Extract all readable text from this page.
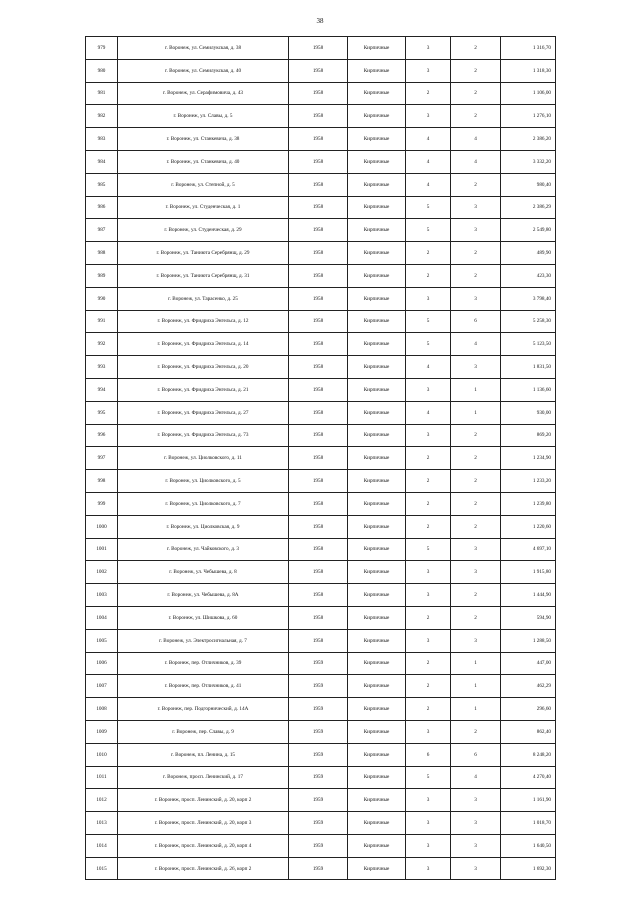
38
979	г. Воронеж, ул. Семилукская, д. 38	1958	Кирпичные	3	2	1 316,70
980	г. Воронеж, ул. Семилукская, д. 40	1958	Кирпичные	3	2	1 318,30
981	г. Воронеж, ул. Серафимовича, д. 43	1958	Кирпичные	2	2	1 106,00
982	г. Воронеж, ул. Славы, д. 5	1958	Кирпичные	3	2	1 276,10
983	г. Воронеж, ул. Станкевича, д. 38	1958	Кирпичные	4	4	2 386,20
984	г. Воронеж, ул. Станкевича, д. 40	1958	Кирпичные	4	4	3 332,20
985	г. Воронеж, ул. Степной, д. 5	1958	Кирпичные	4	2	980,40
986	г. Воронеж, ул. Студенческая, д. 1	1958	Кирпичные	5	3	2 386,29
987	г. Воронеж, ул. Студенческая, д. 29	1958	Кирпичные	5	3	2 549,80
988	г. Воронеж, ул. Таниюта Серебрянщ, д. 29	1958	Кирпичные	2	2	489,90
989	г. Воронеж, ул. Таниюта Серебрянщ, д. 31	1958	Кирпичные	2	2	423,30
990	г. Воронеж, ул. Тарасенко, д. 25	1958	Кирпичные	3	3	3 798,40
991	г. Воронеж, ул. Фридриха Энгельса, д. 12	1958	Кирпичные	5	6	5 258,30
992	г. Воронеж, ул. Фридриха Энгельса, д. 14	1958	Кирпичные	5	4	5 123,50
993	г. Воронеж, ул. Фридриха Энгельса, д. 20	1958	Кирпичные	4	3	1 831,50
994	г. Воронеж, ул. Фридриха Энгельса, д. 21	1958	Кирпичные	3	1	1 136,60
995	г. Воронеж, ул. Фридриха Энгельса, д. 27	1958	Кирпичные	4	1	930,00
996	г. Воронеж, ул. Фридриха Энгельса, д. 73	1958	Кирпичные	3	2	869,20
997	г. Воронеж, ул. Циолковского, д. 11	1958	Кирпичные	2	2	1 234,90
998	г. Воронеж, ул. Циолковского, д. 5	1958	Кирпичные	2	2	1 233,20
999	г. Воронеж, ул. Циолковского, д. 7	1958	Кирпичные	2	2	1 239,80
1000	г. Воронеж, ул. Циолковская, д. 9	1958	Кирпичные	2	2	1 220,60
1001	г. Воронеж, ул. Чайковского, д. 3	1958	Кирпичные	5	3	4 697,10
1002	г. Воронеж, ул. Чебышева, д. 8	1958	Кирпичные	3	3	1 915,80
1003	г. Воронеж, ул. Чебышева, д. 8А	1958	Кирпичные	3	2	1 444,90
1004	г. Воронеж, ул. Шишкова, д. 60	1958	Кирпичные	2	2	594,90
1005	г. Воронеж, ул. Электросигнальная, д. 7	1958	Кирпичные	3	3	1 288,50
1006	г. Воронеж, пер. Отличников, д. 39	1959	Кирпичные	2	1	447,00
1007	г. Воронеж, пер. Отличников, д. 41	1959	Кирпичные	2	1	462,29
1008	г. Воронеж, пер. Подгорнический, д. 14А	1959	Кирпичные	2	1	296,60
1009	г. Воронеж, пер. Славы, д. 9	1959	Кирпичные	3	2	862,40
1010	г. Воронеж, пл. Ленина, д. 15	1959	Кирпичные	6	6	8 248,20
1011	г. Воронеж, просп. Ленинский, д. 17	1959	Кирпичные	5	4	4 270,40
1012	г. Воронеж, просп. Ленинский, д. 20, корп 2	1959	Кирпичные	3	3	1 161,90
1013	г. Воронеж, просп. Ленинский, д. 20, корп 3	1959	Кирпичные	3	3	1 018,70
1014	г. Воронеж, просп. Ленинский, д. 20, корп 4	1959	Кирпичные	3	3	1 640,50
1015	г. Воронеж, просп. Ленинский, д. 26, корп 2	1959	Кирпичные	3	3	1 692,30
